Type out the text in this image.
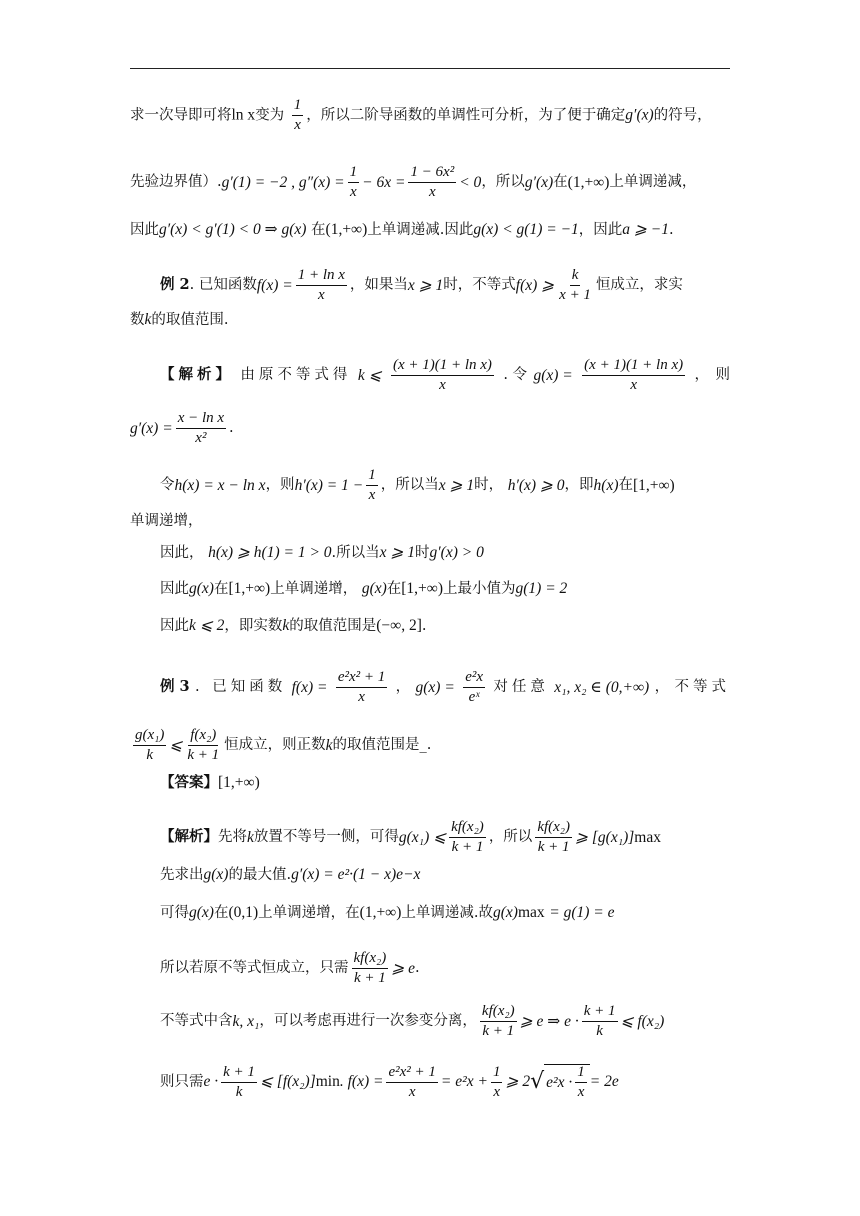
求一次导即可将ln x变为 $\frac{1}{x}$ ，所以二阶导函数的单调性可分析，为了便于确定g′(x)的符号，
先验边界值）. g′(1) = −2 , $g''(x) = \frac{1}{x} - 6x = \frac{\text{1 − 6x²}}{x} < 0$ ，所以 g′(x) 在 (1,+∞) 上单调递减，
因此 g′(x) < g′(1) < 0 ⇒ g(x)
在 (1,+∞) 上单调递减.因此 g(x) < g(1) = −1 ，因此 a ⩾ −1 .
例 2 . 已知函数 $f(x) = \frac{\text{1 + ln x}}{x}$ ，如果当 x ⩾ 1 时，不等式 f(x) ⩾ $\frac{k}{x + 1}$ 恒成立，求实
数 k 的取值范围.
【解析】 由原不等式得 k ⩽ $\frac{\text{(x + 1)(1 + ln x)}}{x}$ . 令 $g(x) = \frac{\text{(x + 1)(1 + ln x)}}{x}$ ， 则
$g'(x) = \frac{\text{x − ln x}}{\text{x²}}$ .
令 h(x) = x − ln x ，则 $h'(x) = 1 - \frac{1}{x}$ ，所以当 x ⩾ 1 时，
h′(x) ⩾ 0 ，即 h(x) 在 [1,+∞)
单调递增，
因此，
h(x) ⩾ h(1) = 1 > 0 .所以当 x ⩾ 1 时 g′(x) > 0
因此 g(x) 在 [1,+∞) 上单调递增，
g(x) 在 [1,+∞) 上最小值为 g(1) = 2
因此 k ⩽ 2 ，即实数 k 的取值范围是 (−∞, 2] .
例 3 . 已知函数 $f(x) = \frac{\text{e²x² + 1}}{x}$ ， $g(x) = \frac{\text{e²x}}{\text{eˣ}}$ 对任意 x₁, x₂ ∈ (0,+∞) ， 不等式
$\frac{\text{g(x₁)}}{k}$ ⩽ $\frac{\text{f(x₂)}}{k + 1}$ 恒成立，则正数 k 的取值范围是_.
【答案】 [1,+∞)
【解析】 先将 k 放置不等号一侧，可得 g(x₁) ⩽ $\frac{\text{kf(x₂)}}{k + 1}$ ，所以 $\frac{\text{kf(x₂)}}{k + 1}$ ⩾ [g(x₁)] max
先求出 g(x) 的最大值. g′(x) = e²·(1 − x)e −x
可得 g(x) 在 (0,1) 上单调递增，在 (1,+∞) 上单调递减.故 g(x) max
= g(1) = e
所以若原不等式恒成立，只需 $\frac{\text{kf(x₂)}}{k + 1}$ ⩾ e .
不等式中含 k, x₁ ，可以考虑再进行一次参变分离， $\frac{\text{kf(x₂)}}{k + 1}$ ⩾ e ⇒ $e \cdot \frac{k + 1}{k}$ ⩽ f(x₂)
则只需 $e \cdot \frac{k + 1}{k}$ ⩽ [f(x₂)] min . $f(x) = \frac{\text{e²x² + 1}}{x} = e^2x + \frac{1}{x}$ ⩾ 2 √ $e^2x \cdot \frac{1}{x} = 2e$
